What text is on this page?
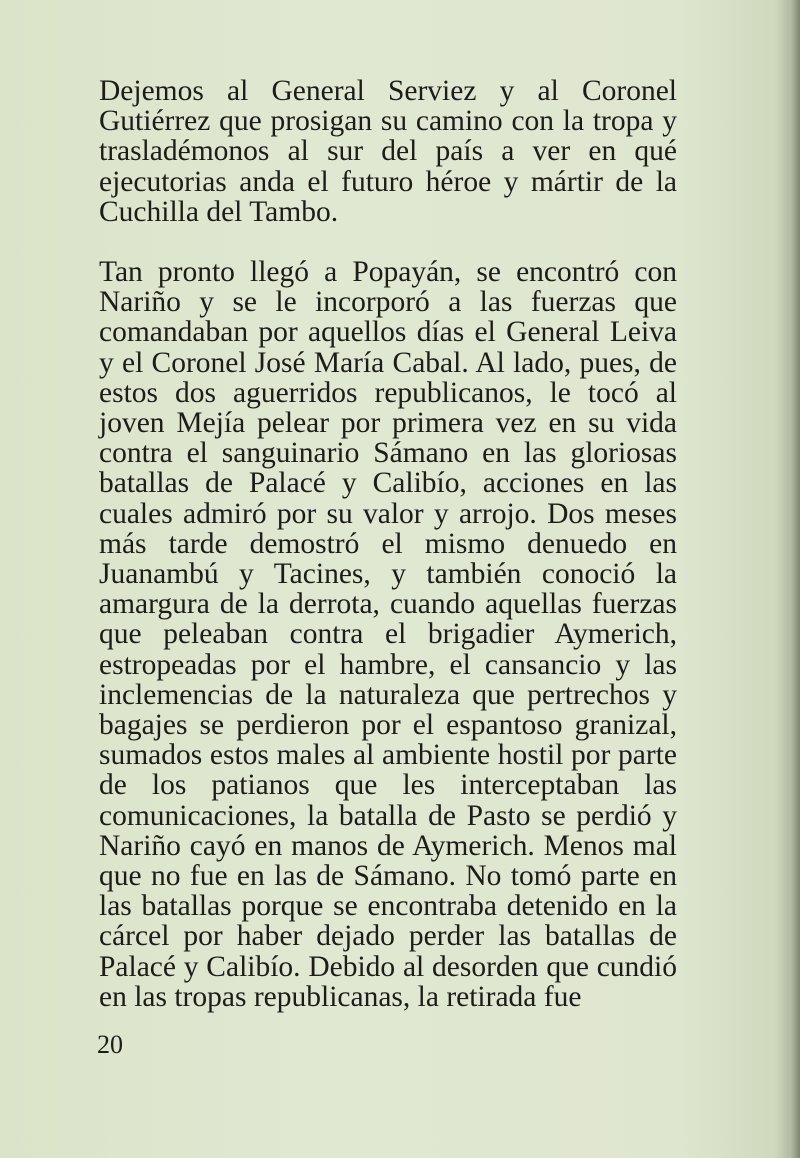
Dejemos al General Serviez y al Coronel Gutiérrez que prosigan su camino con la tropa y trasladémonos al sur del país a ver en qué ejecutorias anda el futuro héroe y mártir de la Cuchilla del Tambo.

Tan pronto llegó a Popayán, se encontró con Nariño y se le incorporó a las fuerzas que comandaban por aquellos días el General Leiva y el Coronel José María Cabal. Al lado, pues, de estos dos aguerridos republicanos, le tocó al joven Mejía pelear por primera vez en su vida contra el sanguinario Sámano en las gloriosas batallas de Palacé y Calibío, acciones en las cuales admiró por su valor y arrojo. Dos meses más tarde demostró el mismo denuedo en Juanambú y Tacines, y también conoció la amargura de la derrota, cuando aquellas fuerzas que peleaban contra el brigadier Aymerich, estropeadas por el hambre, el cansancio y las inclemencias de la naturaleza que pertrechos y bagajes se perdieron por el espantoso granizal, sumados estos males al ambiente hostil por parte de los patianos que les interceptaban las comunicaciones, la batalla de Pasto se perdió y Nariño cayó en manos de Aymerich. Menos mal que no fue en las de Sámano. No tomó parte en las batallas porque se encontraba detenido en la cárcel por haber dejado perder las batallas de Palacé y Calibío. Debido al desorden que cundió en las tropas republicanas, la retirada fue

20
